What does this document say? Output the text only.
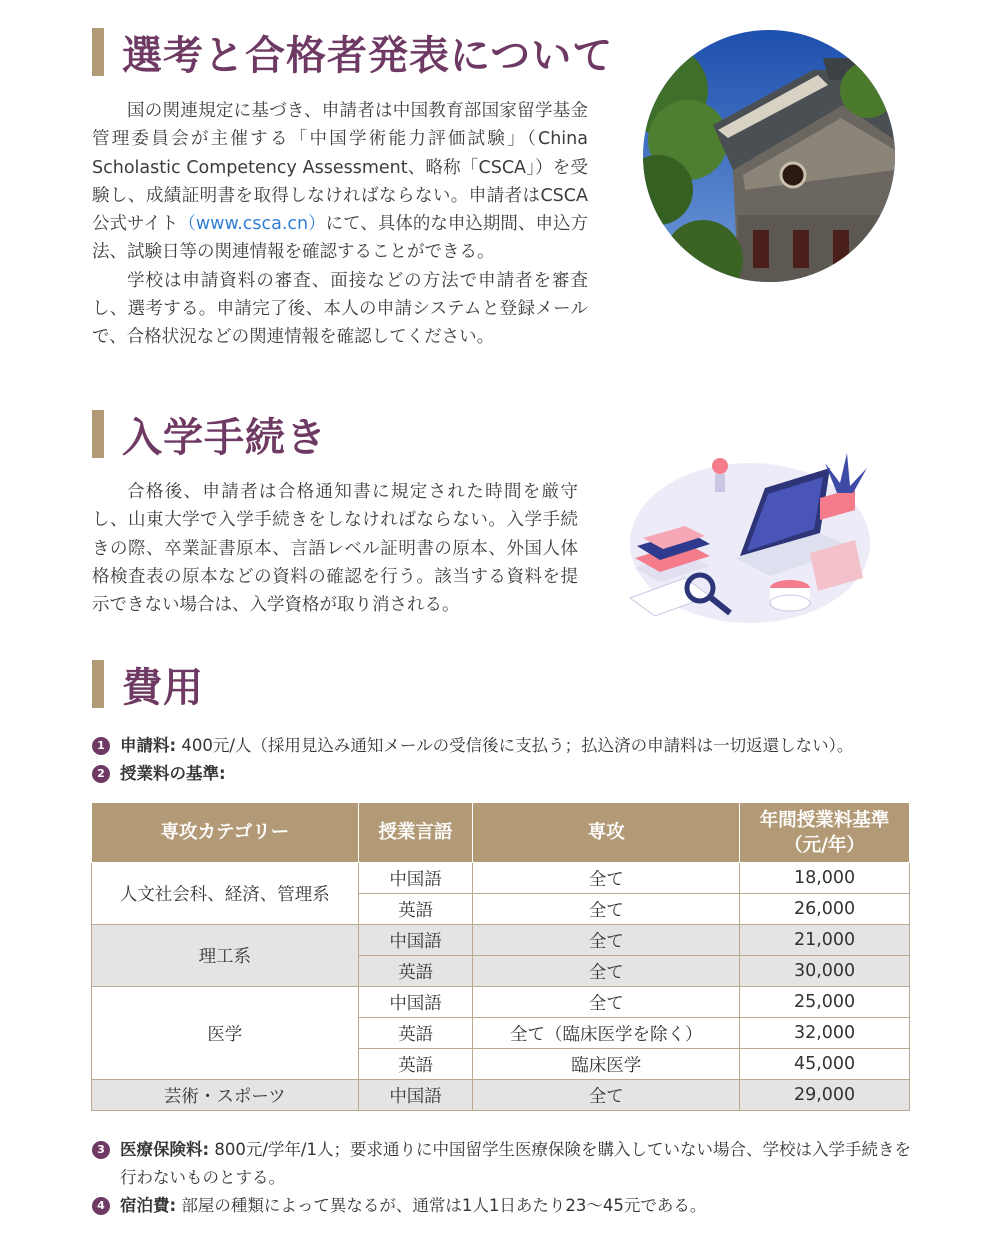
選考と合格者発表について

国の関連規定に基づき、申請者は中国教育部国家留学基金管理委員会が主催する「中国学術能力評価試験」（China Scholastic Competency Assessment、略称「CSCA」）を受験し、成績証明書を取得しなければならない。申請者はCSCA公式サイト（www.csca.cn）にて、具体的な申込期間、申込方法、試験日等の関連情報を確認することができる。

学校は申請資料の審査、面接などの方法で申請者を審査し、選考する。申請完了後、本人の申請システムと登録メールで、合格状況などの関連情報を確認してください。

入学手続き

合格後、申請者は合格通知書に規定された時間を厳守し、山東大学で入学手続きをしなければならない。入学手続きの際、卒業証書原本、言語レベル証明書の原本、外国人体格検査表の原本などの資料の確認を行う。該当する資料を提示できない場合は、入学資格が取り消される。

費用
1 申請料: 400元/人（採用見込み通知メールの受信後に支払う；払込済の申請料は一切返還しない）。
2 授業料の基準:
専攻カテゴリー	授業言語	専攻	年間授業料基準
（元/年）
人文社会科、経済、管理系	中国語	全て	18,000
	英語	全て	26,000
理工系	中国語	全て	21,000
	英語	全て	30,000
医学	中国語	全て	25,000
	英語	全て（臨床医学を除く）	32,000
	英語	臨床医学	45,000
芸術・スポーツ	中国語	全て	29,000
3 医療保険料: 800元/学年/1人；要求通りに中国留学生医療保険を購入していない場合、学校は入学手続きを行わないものとする。
4 宿泊費: 部屋の種類によって異なるが、通常は1人1日あたり23～45元である。
